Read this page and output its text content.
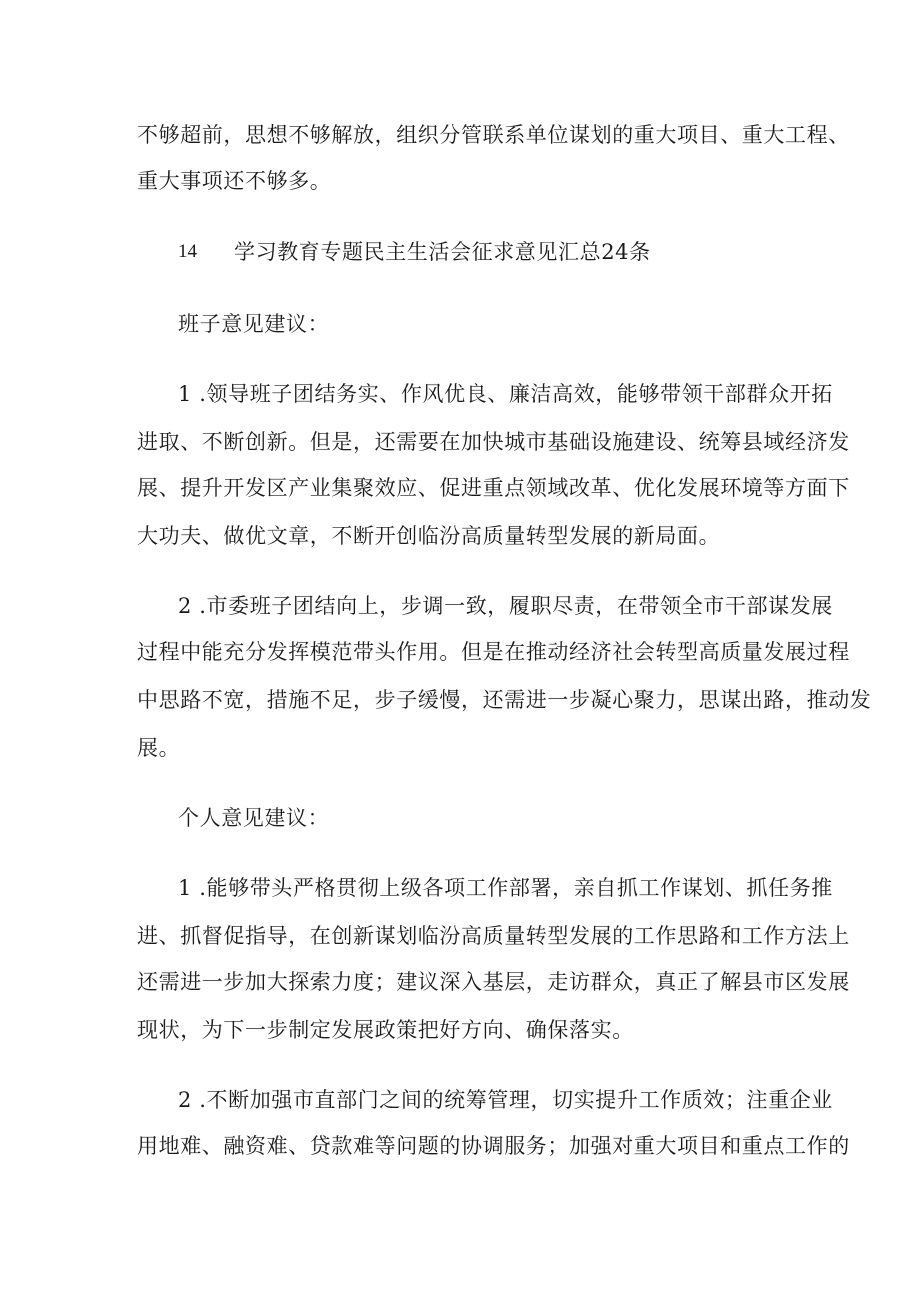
不够超前，思想不够解放，组织分管联系单位谋划的重大项目、重大工程、
重大事项还不够多。
14 学习教育专题民主生活会征求意见汇总24条
班子意见建议：
1 .领导班子团结务实、作风优良、廉洁高效，能够带领干部群众开拓
进取、不断创新。但是，还需要在加快城市基础设施建设、统筹县域经济发
展、提升开发区产业集聚效应、促进重点领域改革、优化发展环境等方面下
大功夫、做优文章，不断开创临汾高质量转型发展的新局面。
2 .市委班子团结向上，步调一致，履职尽责，在带领全市干部谋发展
过程中能充分发挥模范带头作用。但是在推动经济社会转型高质量发展过程
中思路不宽，措施不足，步子缓慢，还需进一步凝心聚力，思谋出路，推动发
展。
个人意见建议：
1 .能够带头严格贯彻上级各项工作部署，亲自抓工作谋划、抓任务推
进、抓督促指导，在创新谋划临汾高质量转型发展的工作思路和工作方法上
还需进一步加大探索力度；建议深入基层，走访群众，真正了解县市区发展
现状，为下一步制定发展政策把好方向、确保落实。
2 .不断加强市直部门之间的统筹管理，切实提升工作质效；注重企业
用地难、融资难、贷款难等问题的协调服务；加强对重大项目和重点工作的
